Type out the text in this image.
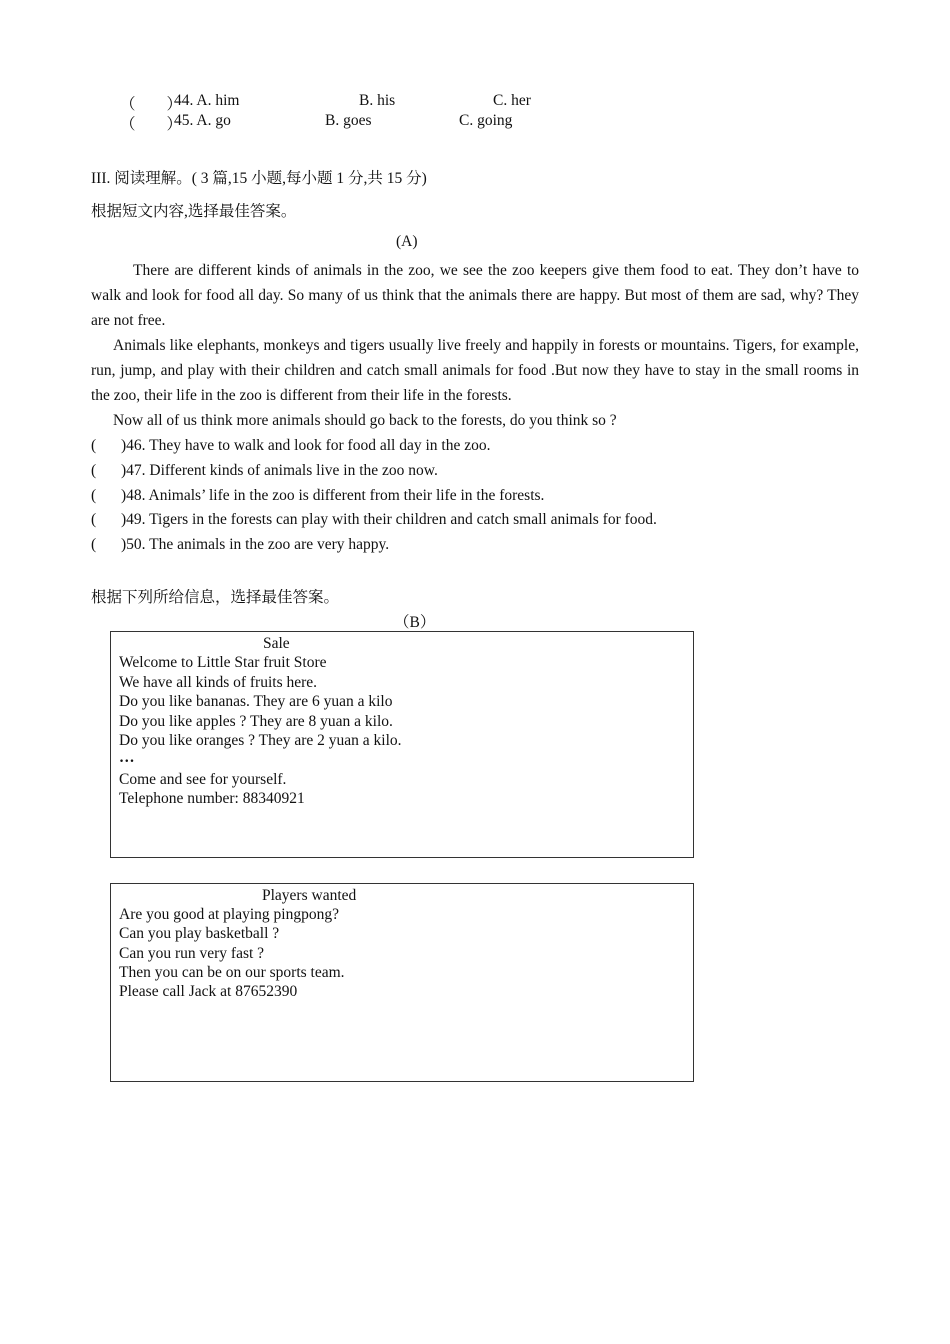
（　　）
44. A. him	B. his	C. her
（　　）
45. A. go	B. goes	C. going
III. 阅读理解。( 3 篇,15 小题,每小题 1 分,共 15 分)
根据短文内容,选择最佳答案。
(A)

There are different kinds of animals in the zoo, we see the zoo keepers give them food to eat. They don’t have to walk and look for food all day. So many of us think that the animals there are happy. But most of them are sad, why? They are not free.

Animals like elephants, monkeys and tigers usually live freely and happily in forests or mountains. Tigers, for example, run, jump, and play with their children and catch small animals for food .But now they have to stay in the small rooms in the zoo, their life in the zoo is different from their life in the forests.

Now all of us think more animals should go back to the forests, do you think so ?

( )46. They have to walk and look for food all day in the zoo.
( )47. Different kinds of animals live in the zoo now.
( )48. Animals’ life in the zoo is different from their life in the forests.
( )49. Tigers in the forests can play with their children and catch small animals for food.
( )50. The animals in the zoo are very happy.
根据下列所给信息，选择最佳答案。
（B）
Sale
Welcome to Little Star fruit Store
We have all kinds of fruits here.
Do you like bananas. They are 6 yuan a kilo
Do you like apples ? They are 8 yuan a kilo.
Do you like oranges ? They are 2 yuan a kilo.
…
Come and see for yourself.
Telephone number: 88340921
Players wanted
Are you good at playing pingpong?
Can you play basketball ?
Can you run very fast ?
Then you can be on our sports team.
Please call Jack at 87652390
